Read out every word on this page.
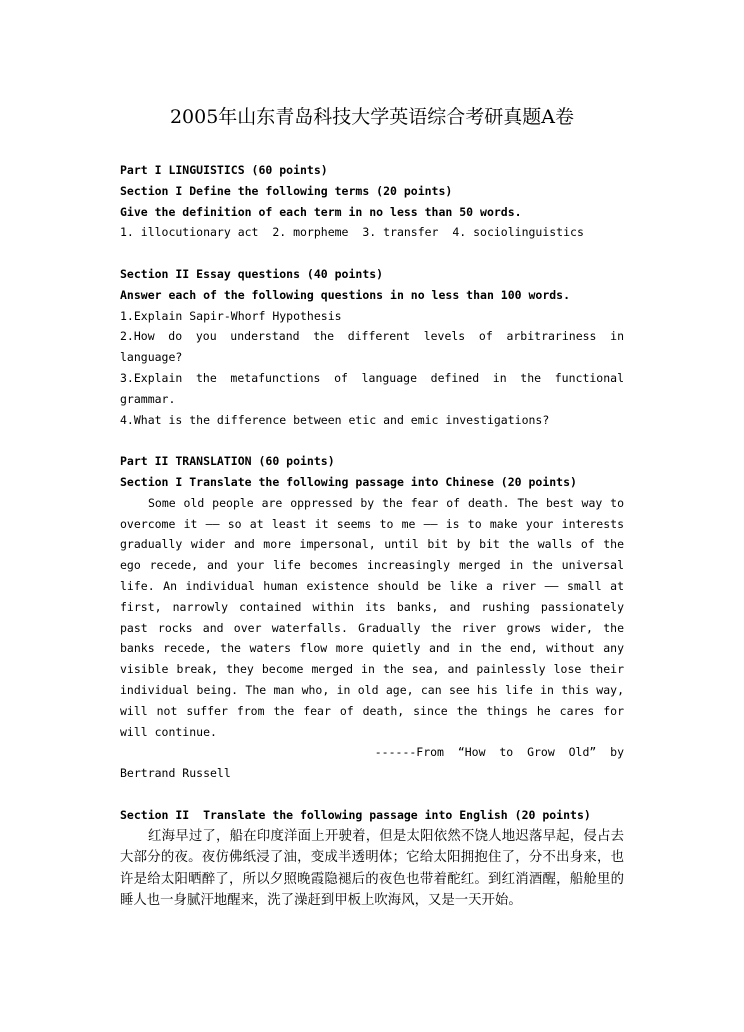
2005年山东青岛科技大学英语综合考研真题A卷

Part I LINGUISTICS (60 points)

Section I Define the following terms (20 points)

Give the definition of each term in no less than 50 words.

1. illocutionary act  2. morpheme  3. transfer  4. sociolinguistics

Section II Essay questions (40 points)

Answer each of the following questions in no less than 100 words.

1.Explain Sapir-Whorf Hypothesis

2.How do you understand the different levels of arbitrariness in language?

3.Explain the metafunctions of language defined in the functional grammar.

4.What is the difference between etic and emic investigations?

Part II TRANSLATION (60 points)

Section I Translate the following passage into Chinese (20 points)

Some old people are oppressed by the fear of death. The best way to overcome it —— so at least it seems to me —— is to make your interests gradually wider and more impersonal, until bit by bit the walls of the ego recede, and your life becomes increasingly merged in the universal life. An individual human existence should be like a river —— small at first, narrowly contained within its banks, and rushing passionately past rocks and over waterfalls. Gradually the river grows wider, the banks recede, the waters flow more quietly and in the end, without any visible break, they become merged in the sea, and painlessly lose their individual being. The man who, in old age, can see his life in this way, will not suffer from the fear of death, since the things he cares for will continue.

------From  “How  to  Grow  Old”  by

Bertrand Russell

Section II  Translate the following passage into English (20 points)

红海早过了，船在印度洋面上开驶着，但是太阳依然不饶人地迟落早起，侵占去大部分的夜。夜仿佛纸浸了油，变成半透明体；它给太阳拥抱住了，分不出身来，也许是给太阳晒醉了，所以夕照晚霞隐褪后的夜色也带着酡红。到红消酒醒，船舱里的睡人也一身腻汗地醒来，洗了澡赶到甲板上吹海风，又是一天开始。
